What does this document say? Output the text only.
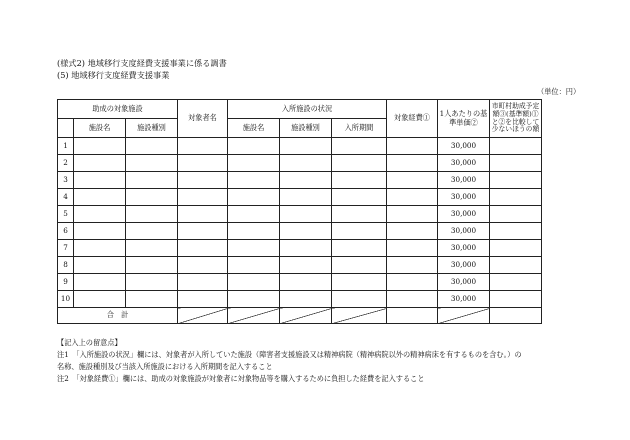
(様式2) 地域移行支度経費支援事業に係る調書
(5) 地域移行支度経費支援事業
（単位：円）
助成の対象施設			対象者名	入所施設の状況			対象経費①	1人あたりの基準単価②	市町村助成予定額③(基準額)①と②を比較して少ないほうの額
	施設名	施設種別		施設名	施設種別	入所期間			
1								30,000	
2								30,000	
3								30,000	
4								30,000	
5								30,000	
6								30,000	
7								30,000	
8								30,000	
9								30,000	
10								30,000	
合　計									
【記入上の留意点】
注1　「入所施設の状況」欄には、対象者が入所していた施設（障害者支援施設又は精神病院（精神病院以外の精神病床を有するものを含む。）の
名称、施設種別及び当該入所施設における入所期間を記入すること
注2　「対象経費①」欄には、助成の対象施設が対象者に対象物品等を購入するために負担した経費を記入すること
